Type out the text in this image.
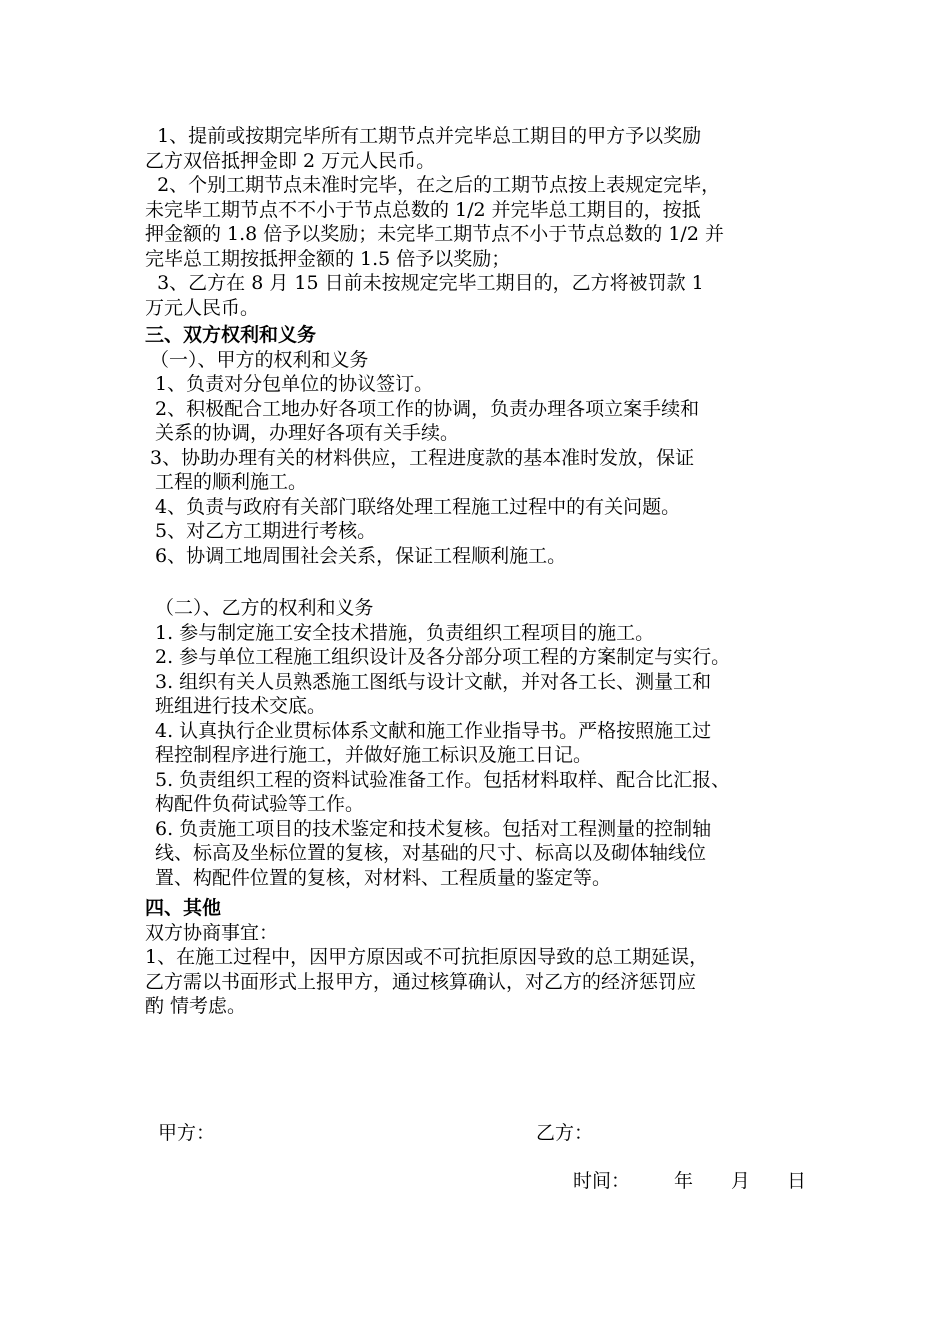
1、提前或按期完毕所有工期节点并完毕总工期目的甲方予以奖励
乙方双倍抵押金即 2 万元人民币。
2、个别工期节点未准时完毕，在之后的工期节点按上表规定完毕，
未完毕工期节点不不小于节点总数的 1/2 并完毕总工期目的，按抵
押金额的 1.8 倍予以奖励；未完毕工期节点不小于节点总数的 1/2 并
完毕总工期按抵押金额的 1.5 倍予以奖励；
3、乙方在 8 月 15 日前未按规定完毕工期目的，乙方将被罚款 1
万元人民币。
三、双方权利和义务
（一）、甲方的权利和义务
1、负责对分包单位的协议签订。
2、积极配合工地办好各项工作的协调，负责办理各项立案手续和
关系的协调，办理好各项有关手续。
3、协助办理有关的材料供应，工程进度款的基本准时发放，保证
工程的顺利施工。
4、负责与政府有关部门联络处理工程施工过程中的有关问题。
5、对乙方工期进行考核。
6、协调工地周围社会关系，保证工程顺利施工。
（二）、乙方的权利和义务
1. 参与制定施工安全技术措施，负责组织工程项目的施工。
2. 参与单位工程施工组织设计及各分部分项工程的方案制定与实行。
3. 组织有关人员熟悉施工图纸与设计文献，并对各工长、测量工和
班组进行技术交底。
4. 认真执行企业贯标体系文献和施工作业指导书。严格按照施工过
程控制程序进行施工，并做好施工标识及施工日记。
5. 负责组织工程的资料试验准备工作。包括材料取样、配合比汇报、
构配件负荷试验等工作。
6. 负责施工项目的技术鉴定和技术复核。包括对工程测量的控制轴
线、标高及坐标位置的复核，对基础的尺寸、标高以及砌体轴线位
置、构配件位置的复核，对材料、工程质量的鉴定等。
四、其他
双方协商事宜：
1、在施工过程中，因甲方原因或不可抗拒原因导致的总工期延误，
乙方需以书面形式上报甲方，通过核算确认，对乙方的经济惩罚应
酌 情考虑。
甲方：	乙方：
时间： 年 月 日
